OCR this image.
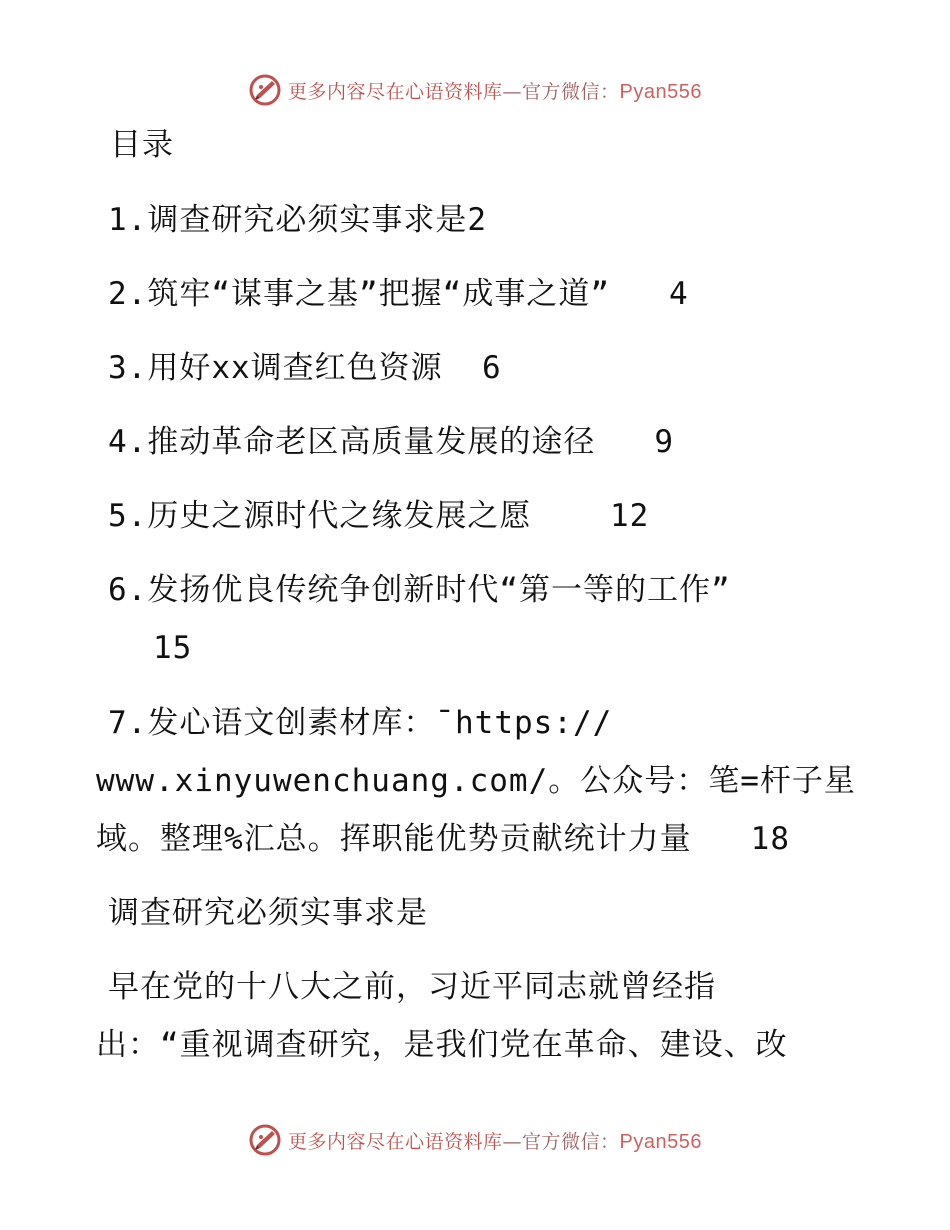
更多内容尽在心语资料库—官方微信：Pyan556
目录
1.调查研究必须实事求是2
2.筑牢“谋事之基”把握“成事之道”   4
3.用好xx调查红色资源  6
4.推动革命老区高质量发展的途径   9
5.历史之源时代之缘发展之愿    12
6.发扬优良传统争创新时代“第一等的工作”
15
7.发心语文创素材库：¯https://
www.xinyuwenchuang.com/。公众号：笔=杆子星
域。整理%汇总。挥职能优势贡献统计力量   18
调查研究必须实事求是
早在党的十八大之前，习近平同志就曾经指
出：“重视调查研究，是我们党在革命、建设、改
更多内容尽在心语资料库—官方微信：Pyan556
